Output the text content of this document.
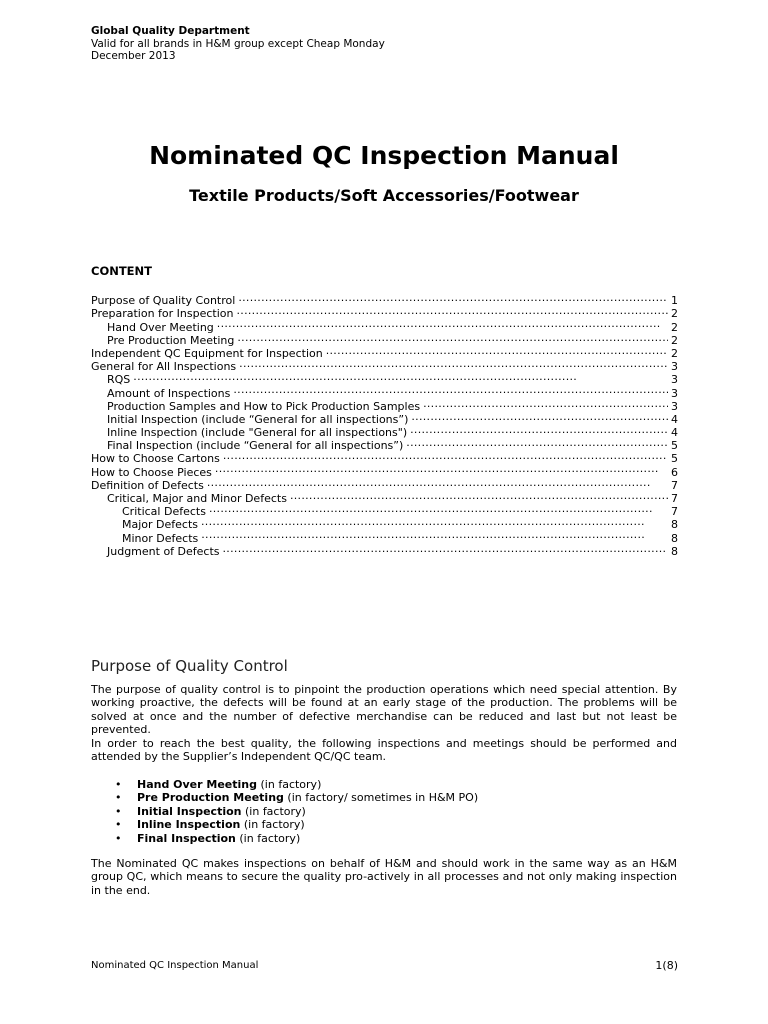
Global Quality Department
Valid for all brands in H&M group except Cheap Monday
December 2013
Nominated QC Inspection Manual
Textile Products/Soft Accessories/Footwear
CONTENT
Purpose of Quality Control . . .	1
Preparation for Inspection . . .	2
Hand Over Meeting . . .	2
Pre Production Meeting . . .	2
Independent QC Equipment for Inspection . . .	2
General for All Inspections . . .	3
RQS . . .	3
Amount of Inspections . . .	3
Production Samples and How to Pick Production Samples . . .	3
Initial Inspection (include “General for all inspections”) . . .	4
Inline Inspection (include "General for all inspections") . . .	4
Final Inspection (include “General for all inspections”) . . .	5
How to Choose Cartons . . .	5
How to Choose Pieces . . .	6
Definition of Defects . . .	7
Critical, Major and Minor Defects . . .	7
Critical Defects . . .	7
Major Defects . . .	8
Minor Defects . . .	8
Judgment of Defects . . .	8
Purpose of Quality Control
The purpose of quality control is to pinpoint the production operations which need special attention. By working proactive, the defects will be found at an early stage of the production. The problems will be solved at once and the number of defective merchandise can be reduced and last but not least be prevented.
In order to reach the best quality, the following inspections and meetings should be performed and attended by the Supplier’s Independent QC/QC team.
• Hand Over Meeting (in factory)
• Pre Production Meeting (in factory/ sometimes in H&M PO)
• Initial Inspection (in factory)
• Inline Inspection (in factory)
• Final Inspection (in factory)
The Nominated QC makes inspections on behalf of H&M and should work in the same way as an H&M group QC, which means to secure the quality pro-actively in all processes and not only making inspection in the end.
Nominated QC Inspection Manual	1(8)
